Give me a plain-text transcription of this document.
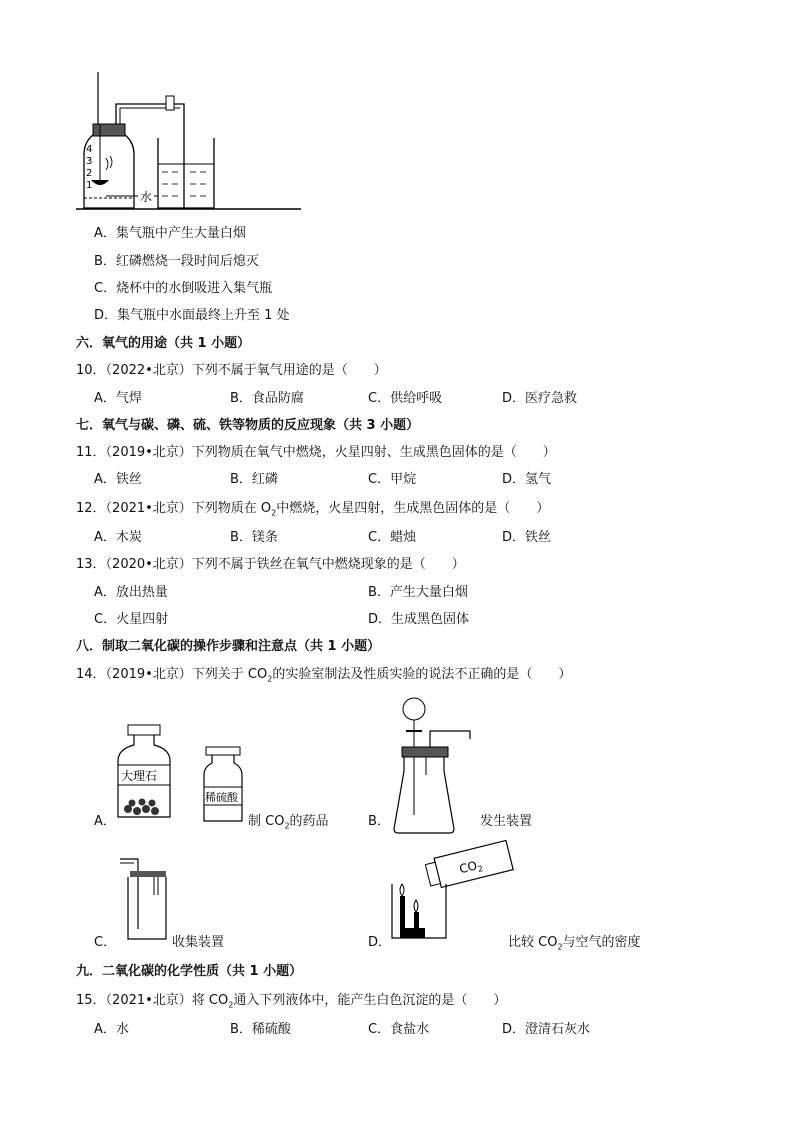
4
3
2
1
水
A．集气瓶中产生大量白烟
B．红磷燃烧一段时间后熄灭
C．烧杯中的水倒吸进入集气瓶
D．集气瓶中水面最终上升至 1 处
六．氧气的用途（共 1 小题）
10．（2022•北京）下列不属于氧气用途的是（　　）
A．气焊	B．食品防腐	C．供给呼吸	D．医疗急救
七．氧气与碳、磷、硫、铁等物质的反应现象（共 3 小题）
11．（2019•北京）下列物质在氧气中燃烧，火星四射、生成黑色固体的是（　　）
A．铁丝	B．红磷	C．甲烷	D．氢气
12．（2021•北京）下列物质在 $O_2$中燃烧，火星四射，生成黑色固体的是（　　）
A．木炭	B．镁条	C．蜡烛	D．铁丝
13．（2020•北京）下列不属于铁丝在氧气中燃烧现象的是（　　）
A．放出热量	B．产生大量白烟
C．火星四射	D．生成黑色固体
八．制取二氧化碳的操作步骤和注意点（共 1 小题）
14．（2019•北京）下列关于 $CO_2$的实验室制法及性质实验的说法不正确的是（　　）
大理石
稀硫酸
A．	制 $CO_2$的药品	B．	发生装置
C．	收集装置
$CO_2$
D．	比较 $CO_2$与空气的密度
九．二氧化碳的化学性质（共 1 小题）
15．（2021•北京）将 $CO_2$通入下列液体中，能产生白色沉淀的是（　　）
A．水	B．稀硫酸	C．食盐水	D．澄清石灰水
